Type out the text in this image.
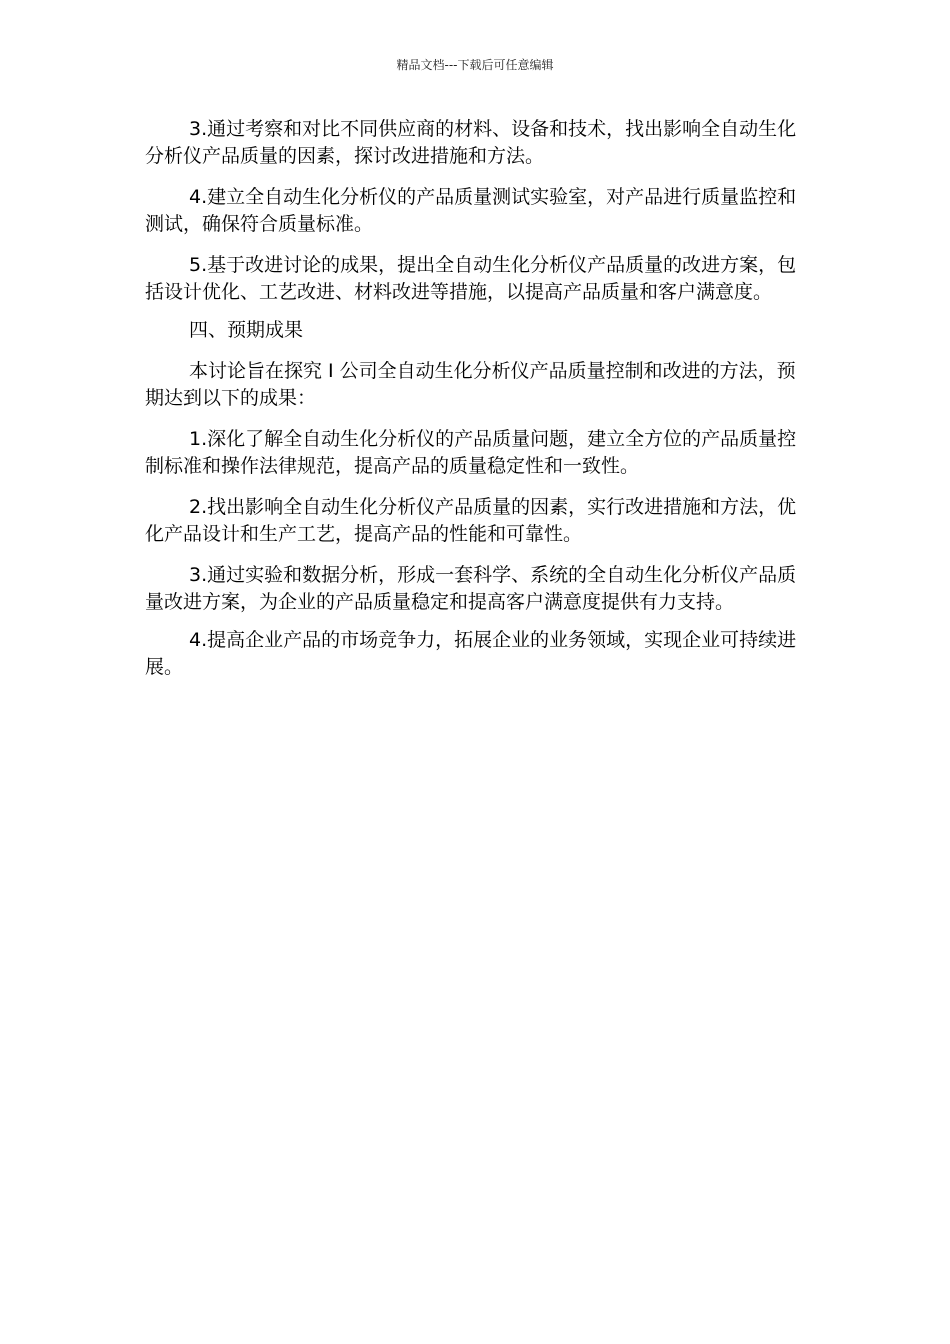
精品文档---下载后可任意编辑

3.通过考察和对比不同供应商的材料、设备和技术，找出影响全自动生化分析仪产品质量的因素，探讨改进措施和方法。

4.建立全自动生化分析仪的产品质量测试实验室，对产品进行质量监控和测试，确保符合质量标准。

5.基于改进讨论的成果，提出全自动生化分析仪产品质量的改进方案，包括设计优化、工艺改进、材料改进等措施，以提高产品质量和客户满意度。

四、预期成果

本讨论旨在探究 I 公司全自动生化分析仪产品质量控制和改进的方法，预期达到以下的成果：

1.深化了解全自动生化分析仪的产品质量问题，建立全方位的产品质量控制标准和操作法律规范，提高产品的质量稳定性和一致性。

2.找出影响全自动生化分析仪产品质量的因素，实行改进措施和方法，优化产品设计和生产工艺，提高产品的性能和可靠性。

3.通过实验和数据分析，形成一套科学、系统的全自动生化分析仪产品质量改进方案，为企业的产品质量稳定和提高客户满意度提供有力支持。

4.提高企业产品的市场竞争力，拓展企业的业务领域，实现企业可持续进展。
